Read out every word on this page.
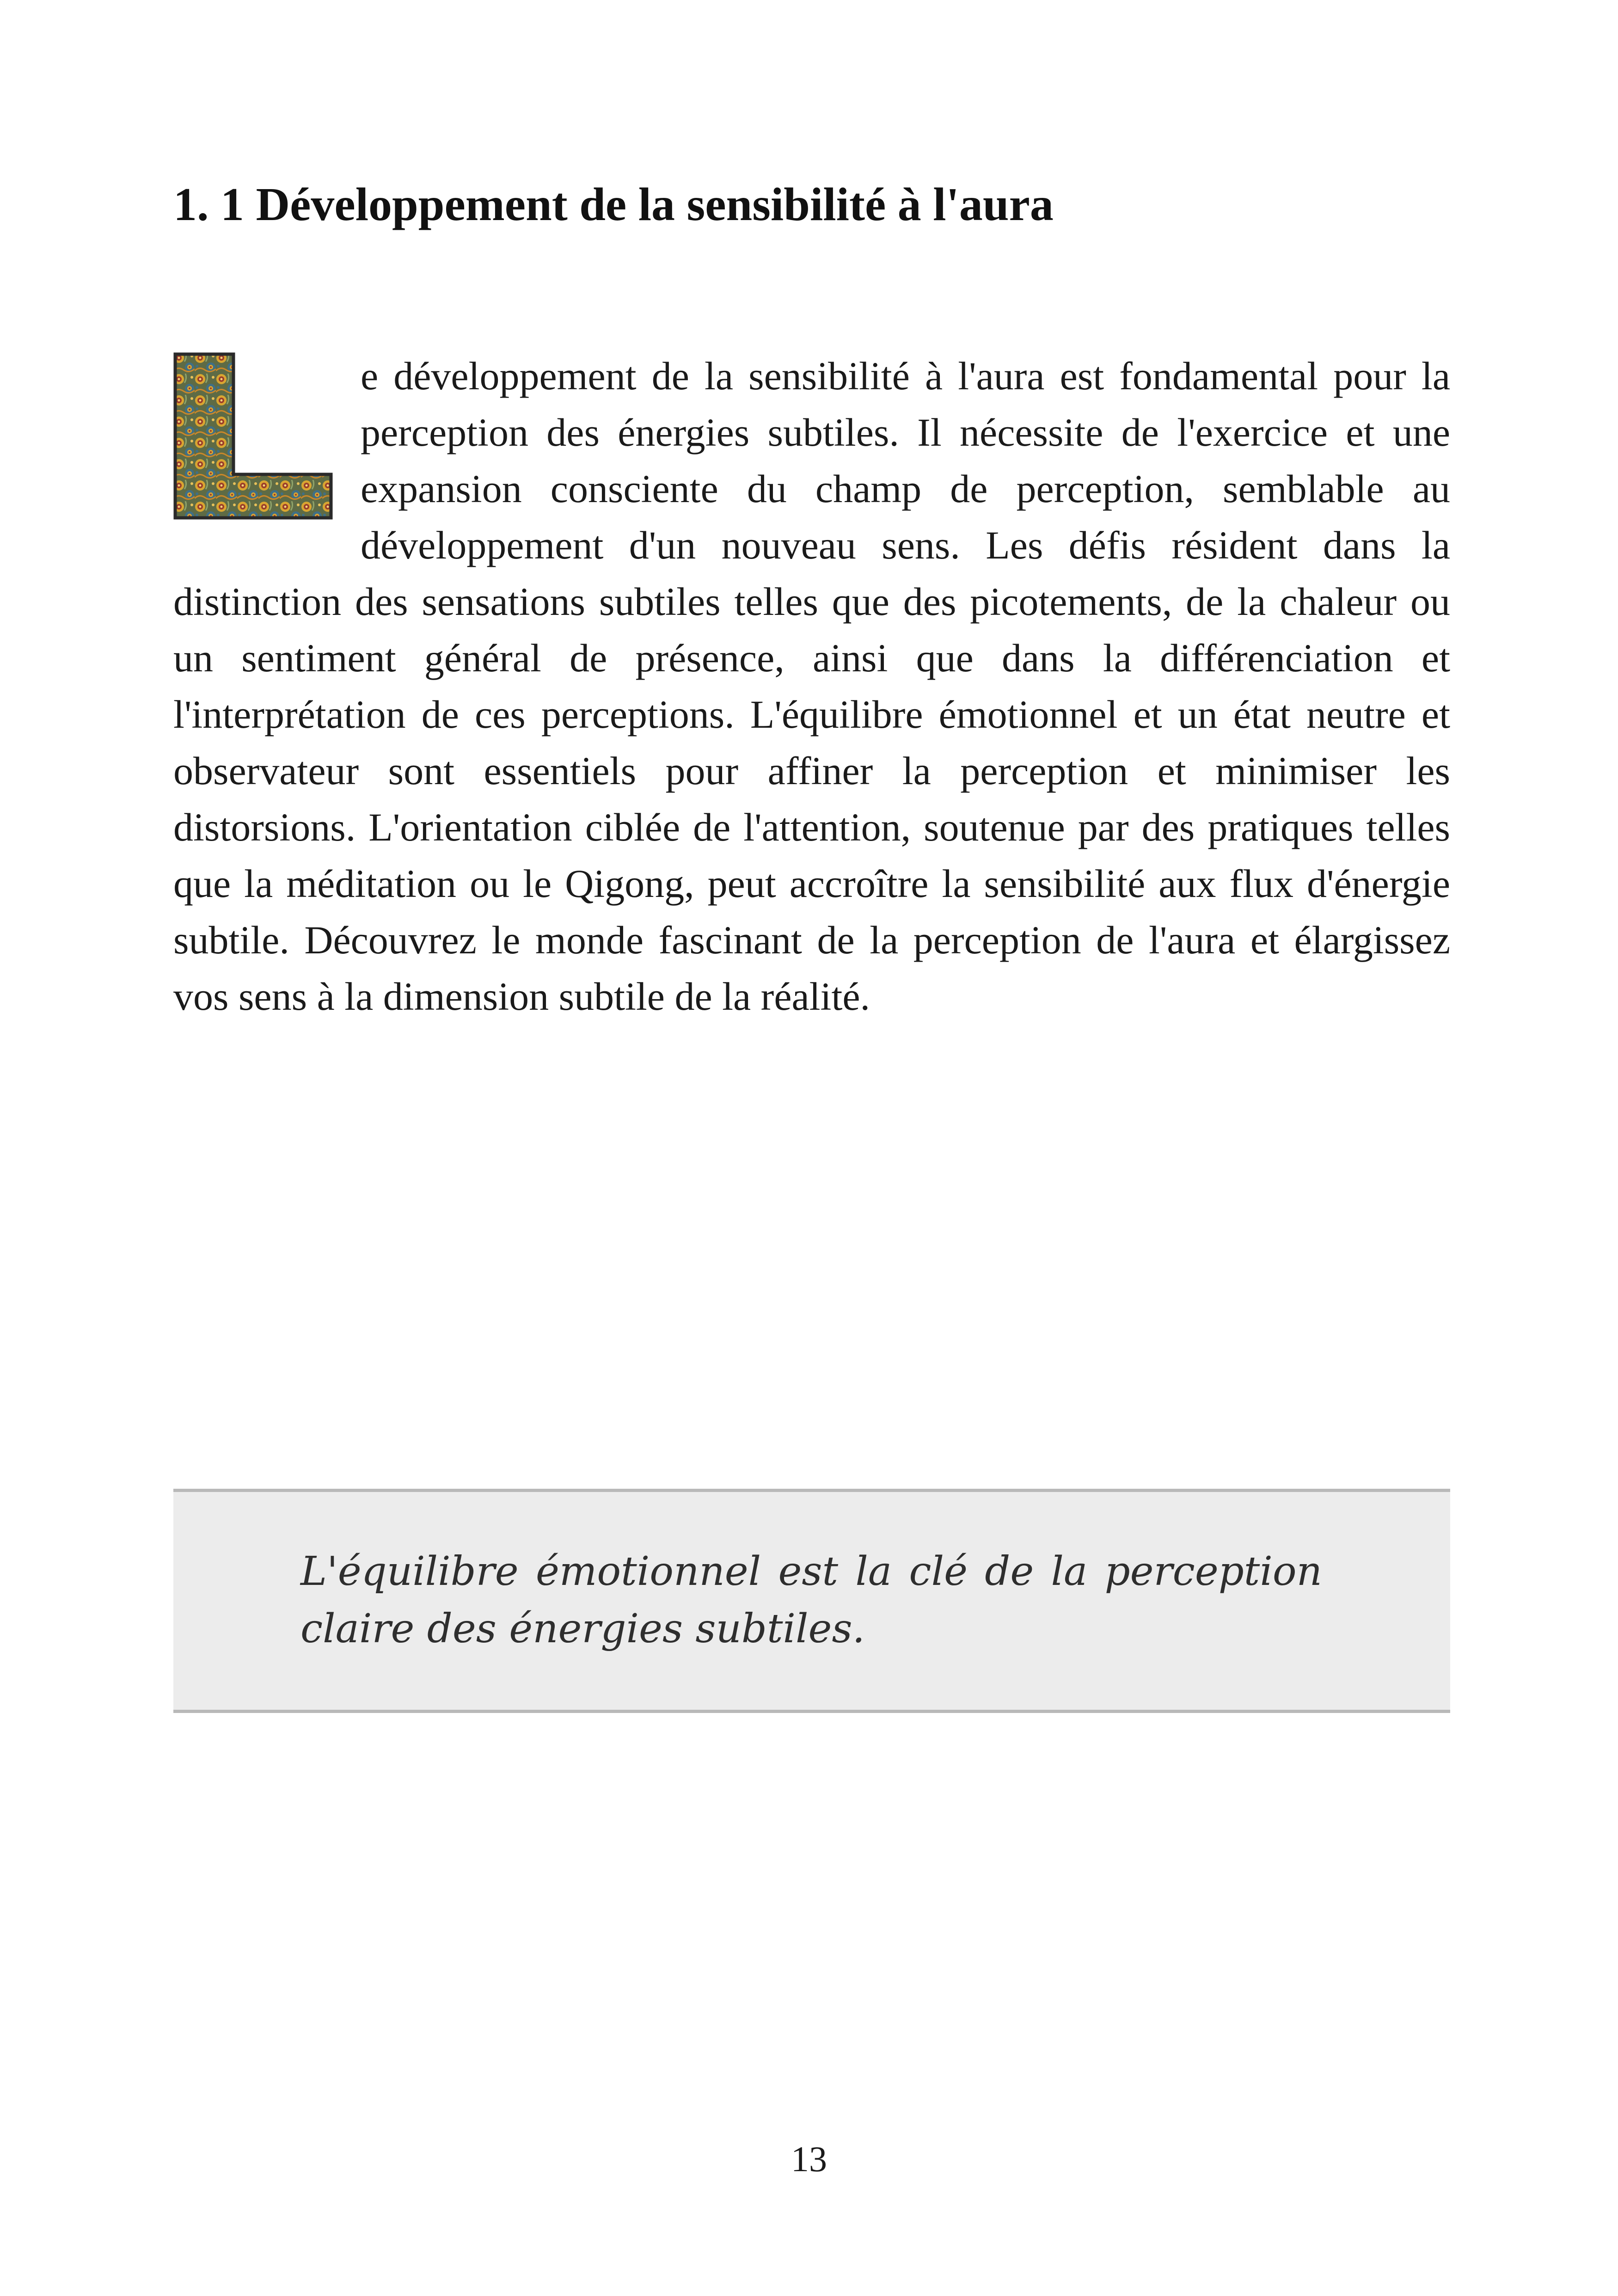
1. 1 Développement de la sensibilité à l'aura
e développement de la sensibilité à l'aura est fondamental pour la perception des énergies subtiles. Il nécessite de l'exercice et une expansion consciente du champ de perception, semblable au développement d'un nouveau sens. Les défis résident dans la distinction des sensations subtiles telles que des picotements, de la chaleur ou un sentiment général de présence, ainsi que dans la différenciation et l'interprétation de ces perceptions. L'équilibre émotionnel et un état neutre et observateur sont essentiels pour affiner la perception et minimiser les distorsions. L'orientation ciblée de l'attention, soutenue par des pratiques telles que la méditation ou le Qigong, peut accroître la sensibilité aux flux d'énergie subtile. Découvrez le monde fascinant de la perception de l'aura et élargissez vos sens à la dimension subtile de la réalité.

L'équilibre émotionnel est la clé de la perception claire des énergies subtiles.

13
